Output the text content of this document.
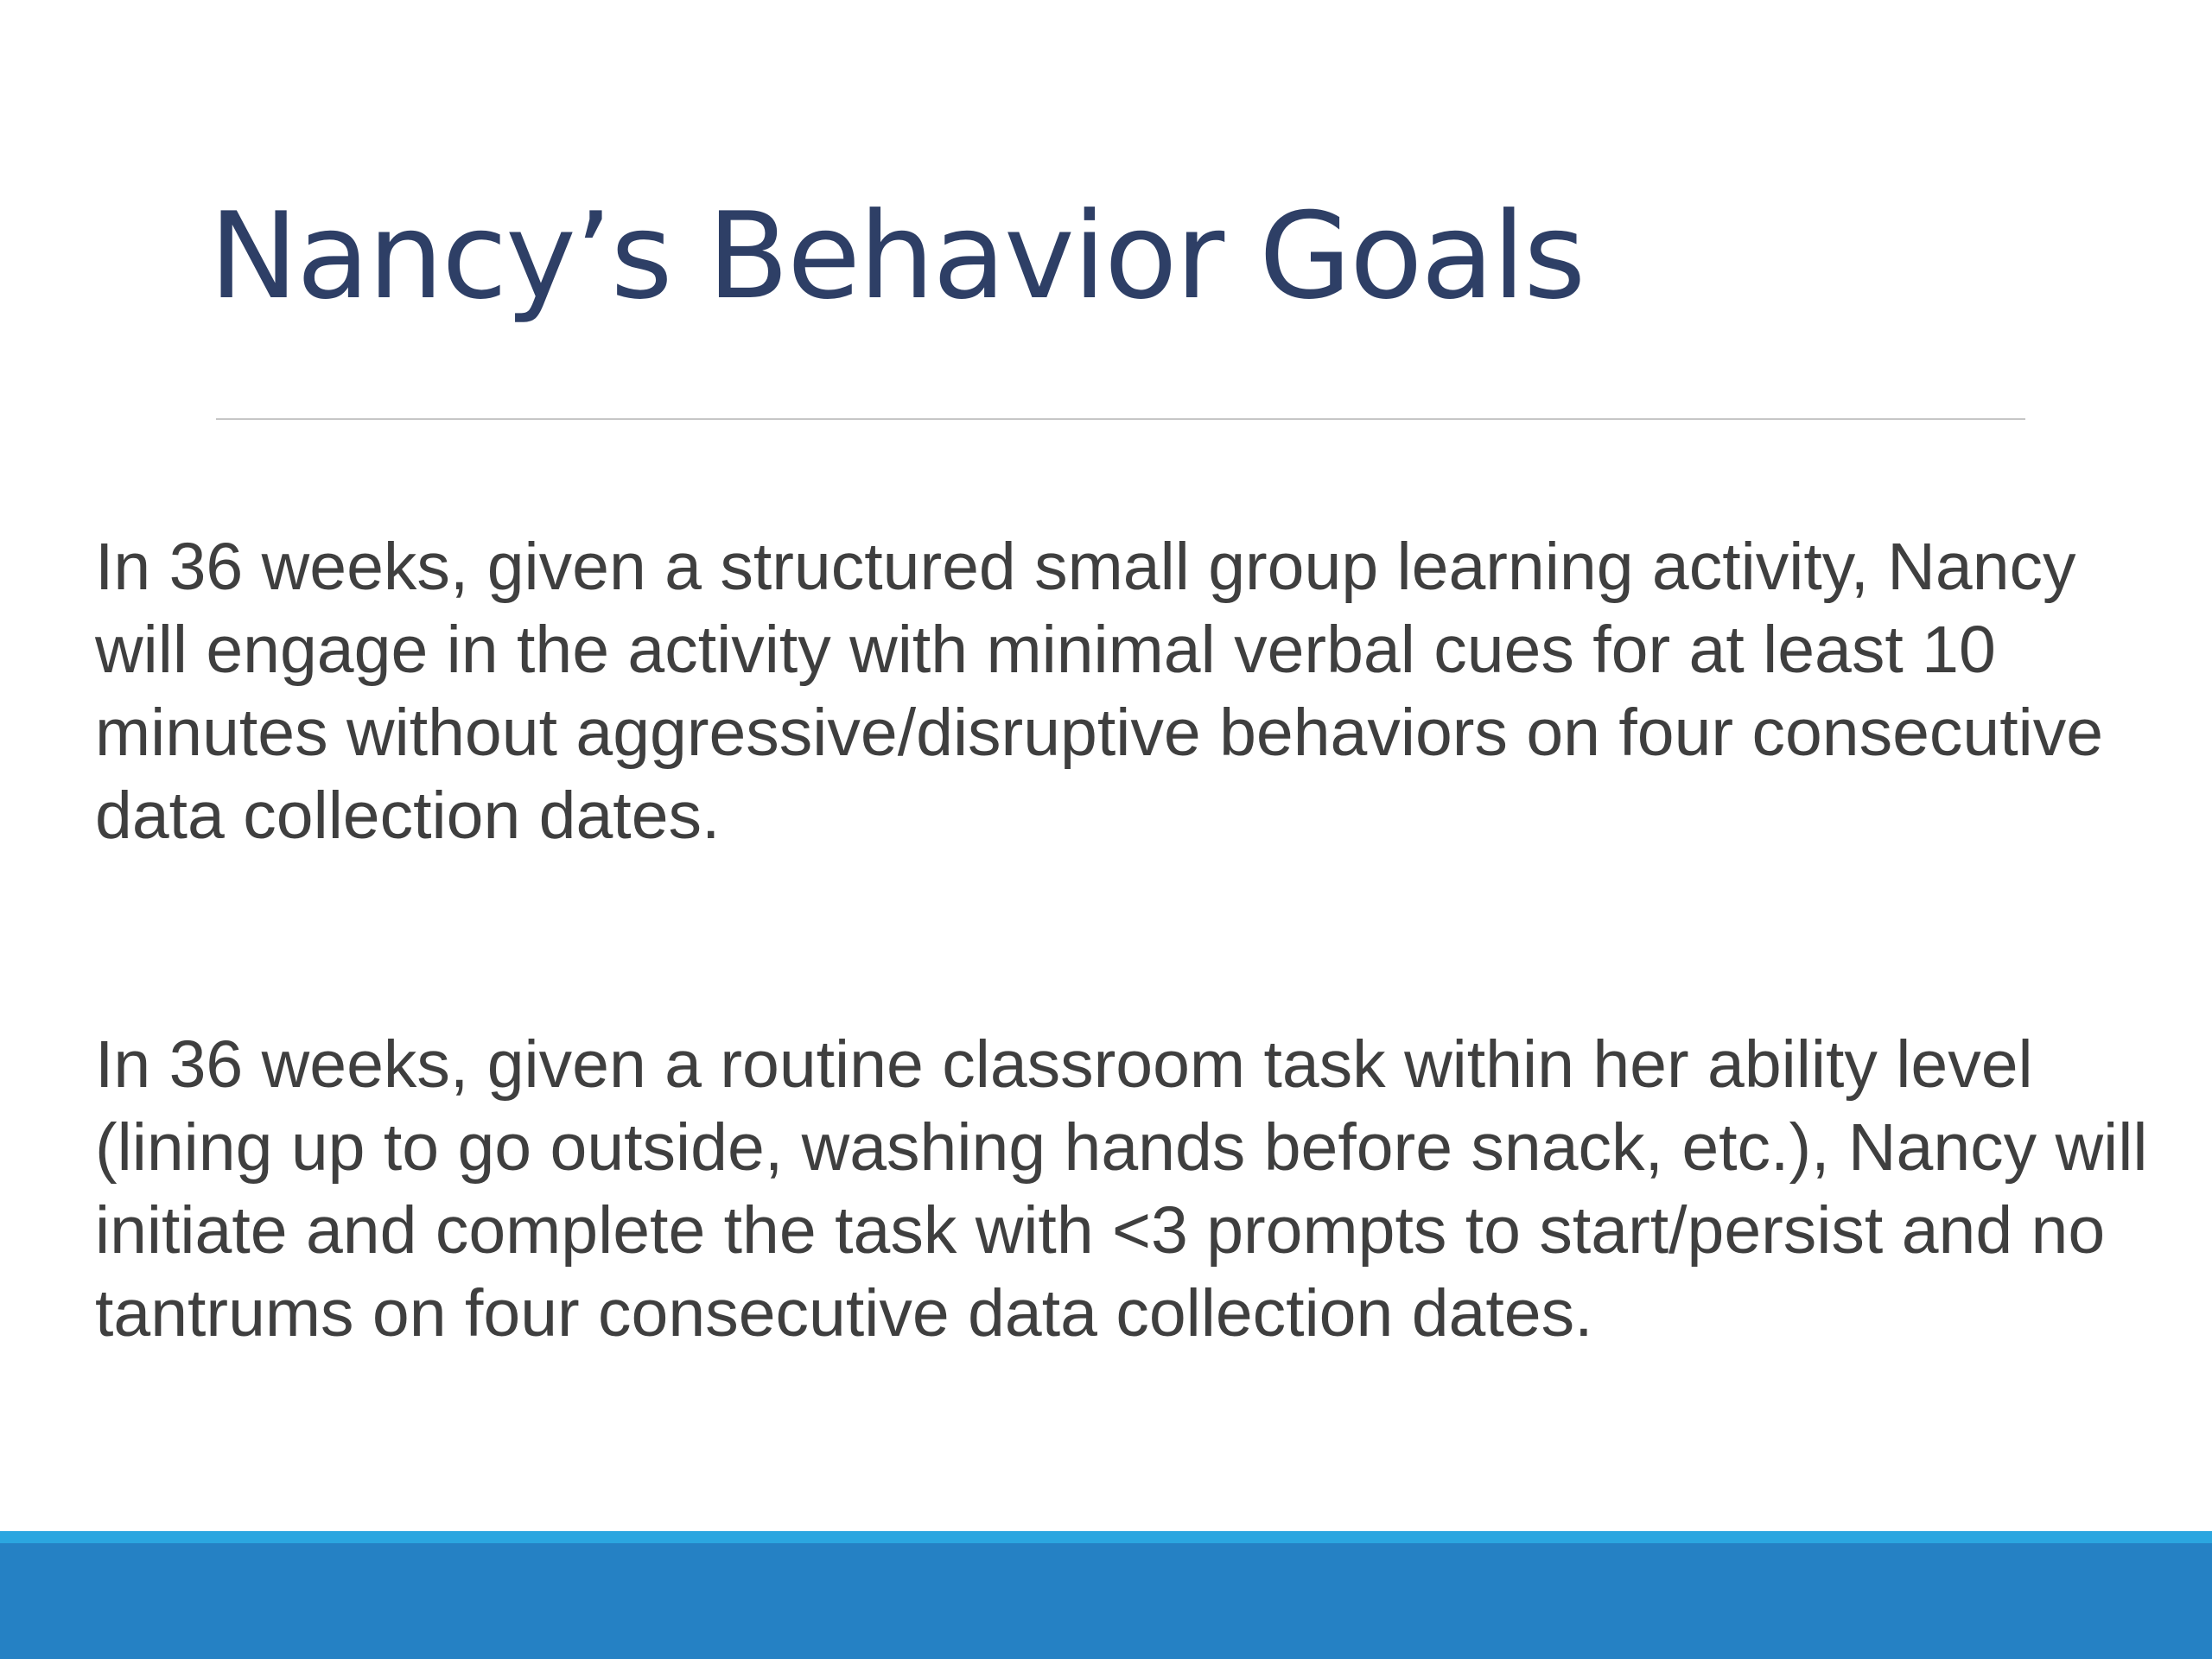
Nancy’s Behavior Goals

In 36 weeks, given a structured small group learning activity, Nancy will engage in the activity with minimal verbal cues for at least 10 minutes without aggressive/disruptive behaviors on four consecutive data collection dates.

In 36 weeks, given a routine classroom task within her ability level (lining up to go outside, washing hands before snack, etc.), Nancy will initiate and complete the task with <3 prompts to start/persist and no tantrums on four consecutive data collection dates.
